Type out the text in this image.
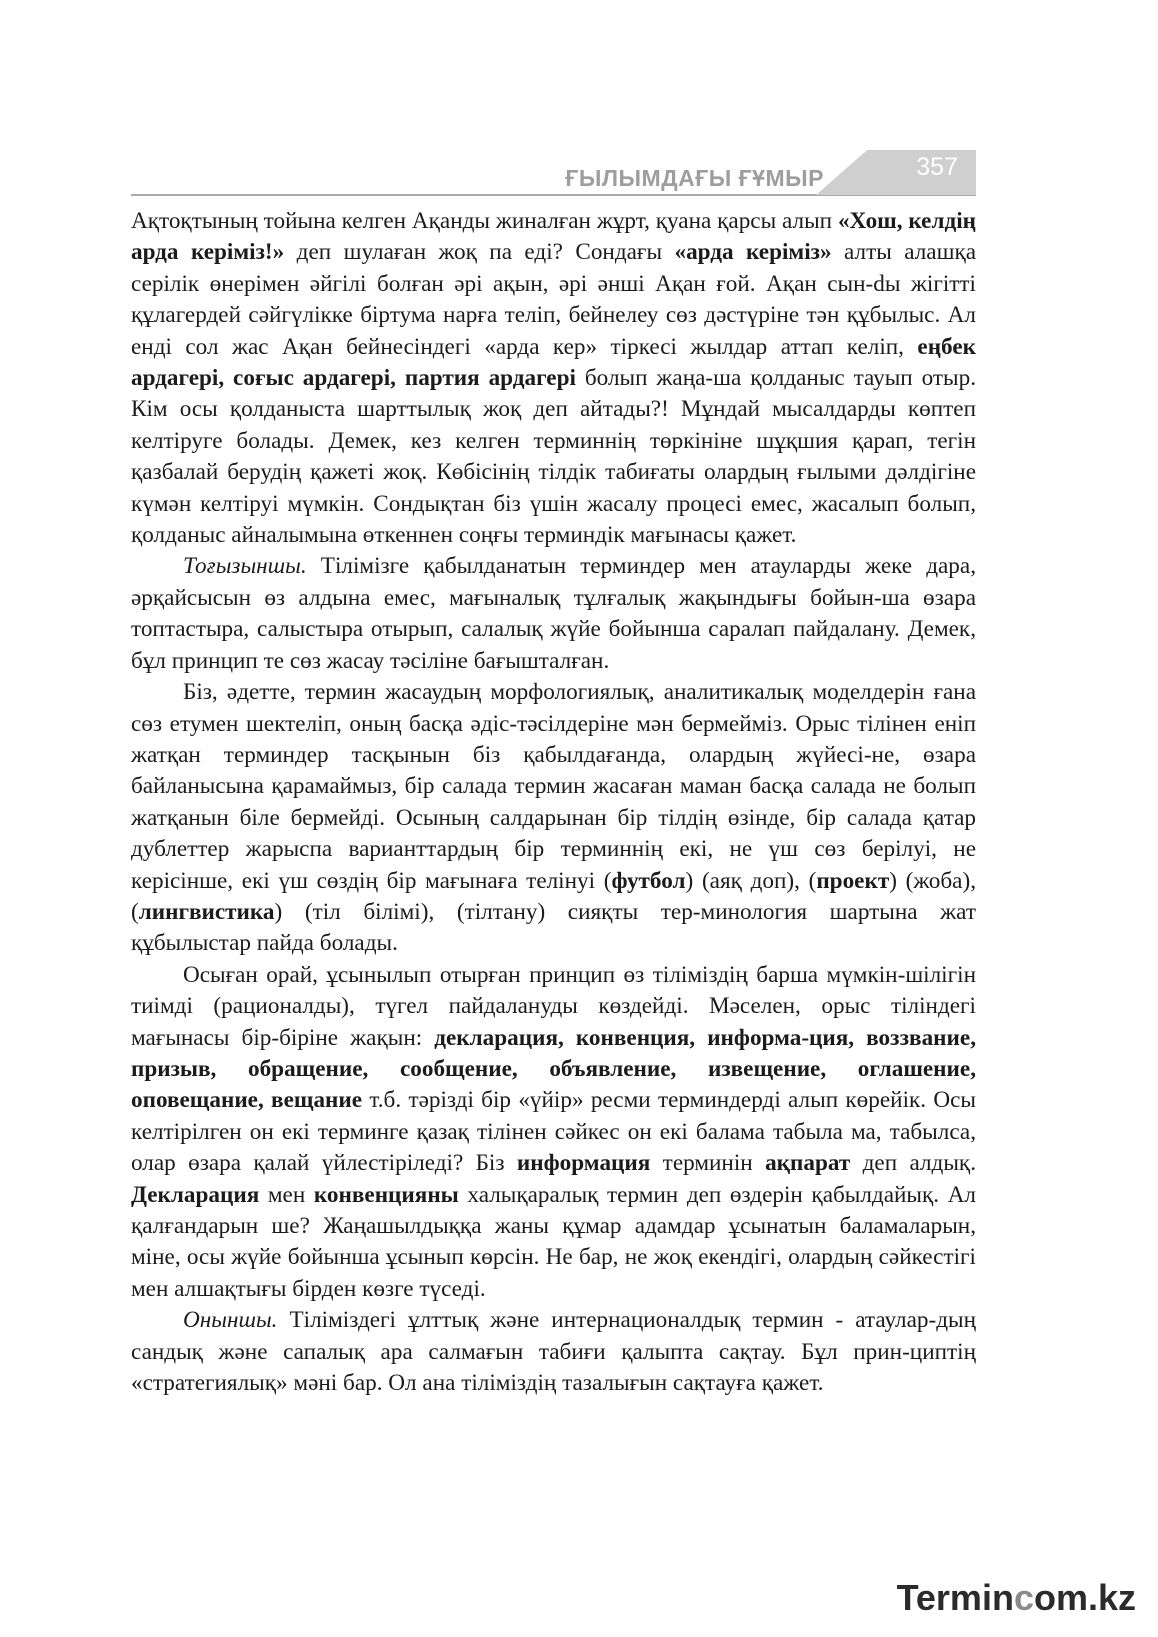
ҒЫЛЫМДАҒЫ ҒҰМЫР	357

Ақтоқтының тойына келген Ақанды жиналған жұрт, қуана қарсы алып «Хош, келдің арда керіміз!» деп шулаған жоқ па еді? Сондағы «арда керіміз» алты алашқа серілік өнерімен әйгілі болған әрі ақын, әрі әнші Ақан ғой. Ақан сын-dы жігітті құлагердей сәйгүлікке біртума нарға теліп, бейнелеу сөз дәстүріне тән құбылыс. Ал енді сол жас Ақан бейнесіндегі «арда кер» тіркесі жылдар аттап келіп, еңбек ардагері, соғыс ардагері, партия ардагері болып жаңа-ша қолданыс тауып отыр. Кім осы қолданыста шарттылық жоқ деп айтады?! Мұндай мысалдарды көптеп келтіруге болады. Демек, кез келген терминнің төркініне шұқшия қарап, тегін қазбалай берудің қажеті жоқ. Көбісінің тілдік табиғаты олардың ғылыми дәлдігіне күмән келтіруі мүмкін. Сондықтан біз үшін жасалу процесі емес, жасалып болып, қолданыс айналымына өткеннен соңғы терминдік мағынасы қажет.

Тоғызыншы. Тілімізге қабылданатын терминдер мен атауларды жеке дара, әрқайсысын өз алдына емес, мағыналық тұлғалық жақындығы бойын-ша өзара топтастыра, салыстыра отырып, салалық жүйе бойынша саралап пайдалану. Демек, бұл принцип те сөз жасау тәсіліне бағышталған.

Біз, әдетте, термин жасаудың морфологиялық, аналитикалық моделдерін ғана сөз етумен шектеліп, оның басқа әдіс-тәсілдеріне мән бермейміз. Орыс тілінен еніп жатқан терминдер тасқынын біз қабылдағанда, олардың жүйесі-не, өзара байланысына қарамаймыз, бір салада термин жасаған маман басқа салада не болып жатқанын біле бермейді. Осының салдарынан бір тілдің өзінде, бір салада қатар дублеттер жарыспа варианттардың бір терминнің екі, не үш сөз берілуі, не керісінше, екі үш сөздің бір мағынаға телінуі (футбол) (аяқ доп), (проект) (жоба), (лингвистика) (тіл білімі), (тілтану) сияқты тер-минология шартына жат құбылыстар пайда болады.

Осыған орай, ұсынылып отырған принцип өз тіліміздің барша мүмкін-шілігін тиімді (рационалды), түгел пайдалануды көздейді. Мәселен, орыс тіліндегі мағынасы бір-біріне жақын: декларация, конвенция, информа-ция, воззвание, призыв, обращение, сообщение, объявление, извещение, оглашение, оповещание, вещание т.б. тәрізді бір «үйір» ресми терминдерді алып көрейік. Осы келтірілген он екі терминге қазақ тілінен сәйкес он екі балама табыла ма, табылса, олар өзара қалай үйлестіріледі? Біз информация терминін ақпарат деп алдық. Декларация мен конвенцияны халықаралық термин деп өздерін қабылдайық. Ал қалғандарын ше? Жаңашылдыққа жаны құмар адамдар ұсынатын баламаларын, міне, осы жүйе бойынша ұсынып көрсін. Не бар, не жоқ екендігі, олардың сәйкестігі мен алшақтығы бірден көзге түседі.

Оныншы. Тіліміздегі ұлттық және интернационалдық термин - атаулар-дың сандық және сапалық ара салмағын табиғи қалыпта сақтау. Бұл прин-циптің «стратегиялық» мәні бар. Ол ана тіліміздің тазалығын сақтауға қажет.

Termincom.kz
